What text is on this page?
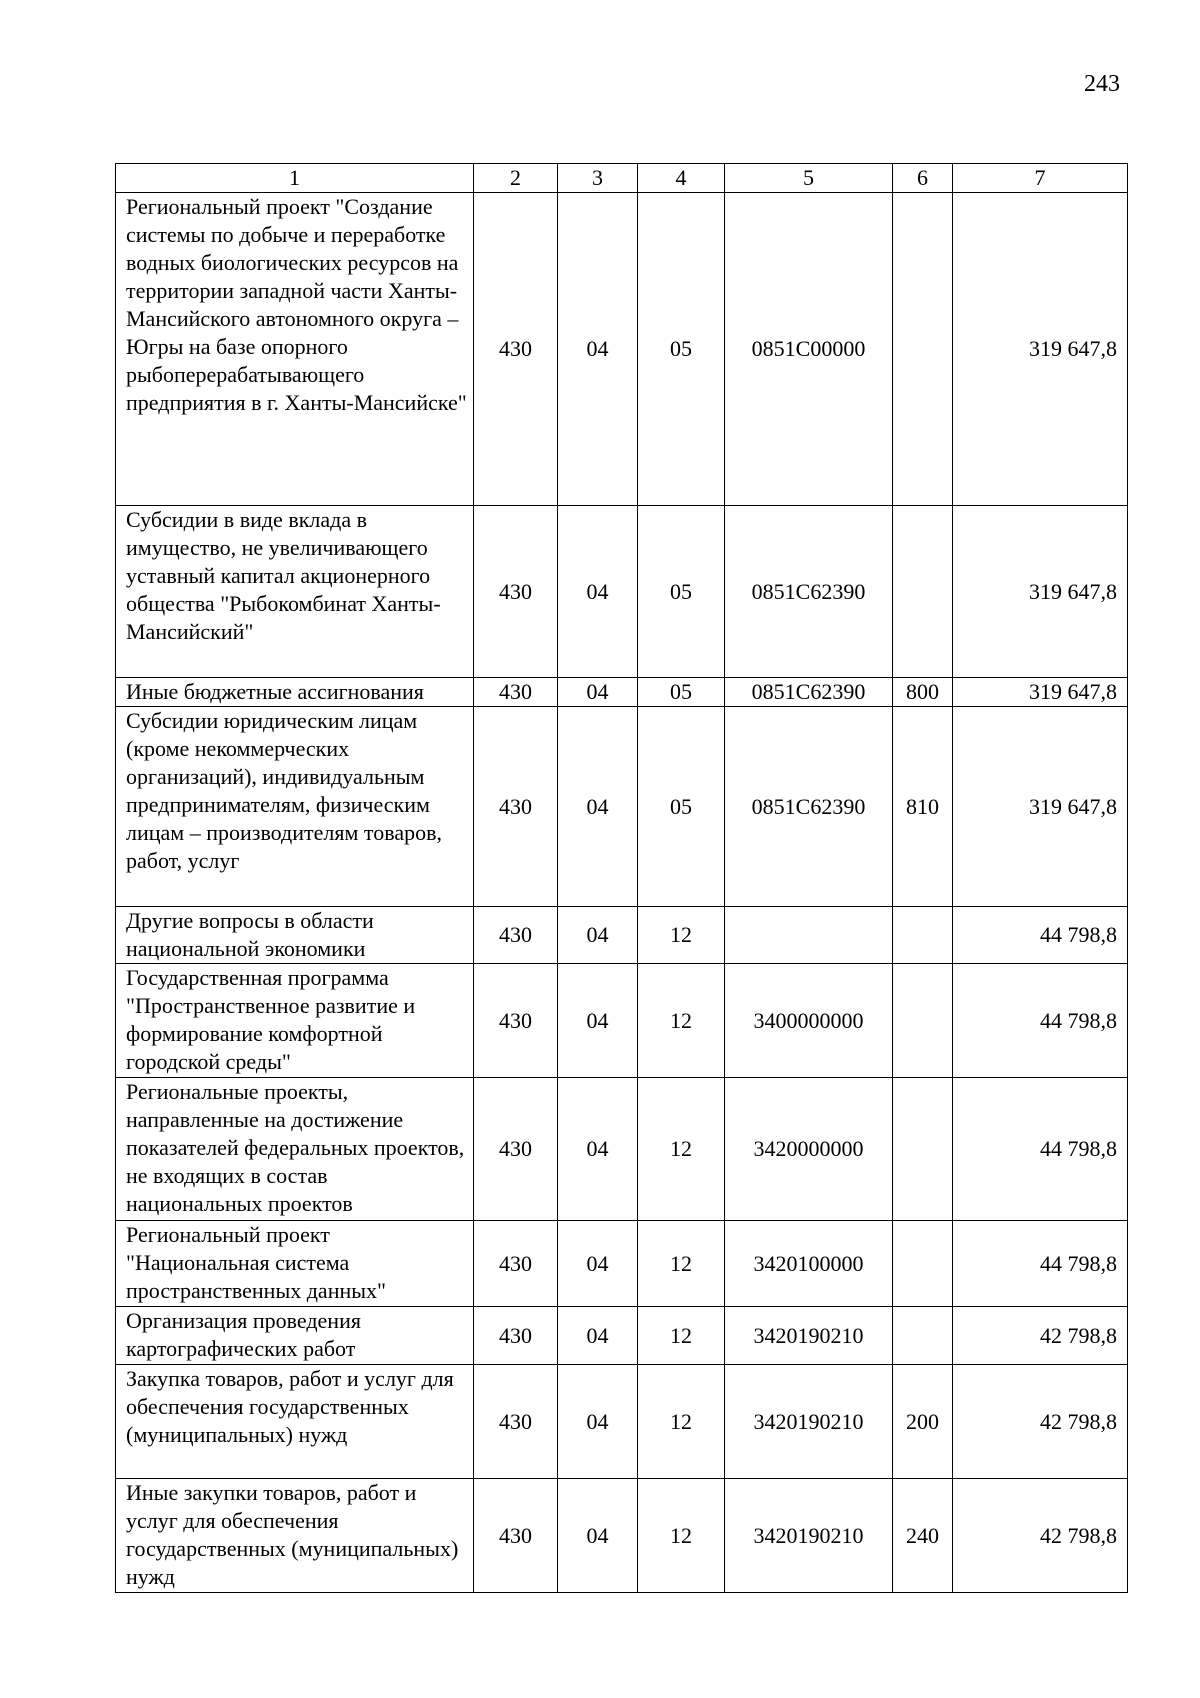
243
1	2	3	4	5	6	7
Региональный проект "Создание системы по добыче и переработке водных биологических ресурсов на территории западной части Ханты-Мансийского автономного округа – Югры на базе опорного рыбоперерабатывающего предприятия в г. Ханты-Мансийске"	430	04	05	0851С00000		319 647,8
Субсидии в виде вклада в имущество, не увеличивающего уставный капитал акционерного общества "Рыбокомбинат Ханты-Мансийский"	430	04	05	0851С62390		319 647,8
Иные бюджетные ассигнования	430	04	05	0851С62390	800	319 647,8
Субсидии юридическим лицам (кроме некоммерческих организаций), индивидуальным предпринимателям, физическим лицам – производителям товаров, работ, услуг	430	04	05	0851С62390	810	319 647,8
Другие вопросы в области национальной экономики	430	04	12			44 798,8
Государственная программа "Пространственное развитие и формирование комфортной городской среды"	430	04	12	3400000000		44 798,8
Региональные проекты, направленные на достижение показателей федеральных проектов, не входящих в состав национальных проектов	430	04	12	3420000000		44 798,8
Региональный проект "Национальная система пространственных данных"	430	04	12	3420100000		44 798,8
Организация проведения картографических работ	430	04	12	3420190210		42 798,8
Закупка товаров, работ и услуг для обеспечения государственных (муниципальных) нужд	430	04	12	3420190210	200	42 798,8
Иные закупки товаров, работ и услуг для обеспечения государственных (муниципальных) нужд	430	04	12	3420190210	240	42 798,8
